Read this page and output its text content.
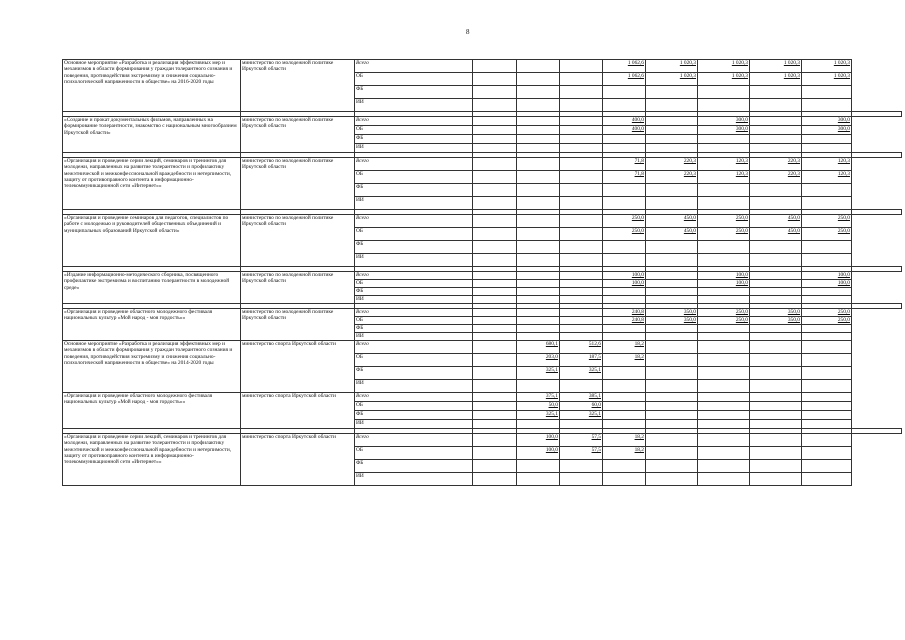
8
Основное мероприятие «Разработка и реализация эффективных мер и механизмов в области формирования у граждан толерантного сознания и поведения, противодействия экстремизму и снижения социально-психологической напряженности в обществе» на 2016-2020 годы	министерство по молодежной политике Иркутской области	Всего				1 062,6	1 020,3	1 020,3	1 020,3	1 020,3	
		ОБ				1 062,6	1 020,3	1 020,3	1 020,3	1 020,3	
		ФБ									
		ИИ									

«Создание и прокат документальных фильмов, направленных на формирование толерантности, знакомство с национальным многообразием Иркутской области»	министерство по молодежной политике Иркутской области	Всего				400,0		300,0		300,0	
		ОБ				400,0		300,0		300,0	
		ФБ									
		ИИ									

«Организация и проведение серии лекций, семинаров и тренингов для молодежи, направленных на развитие толерантности и профилактику межэтнической и межконфессиональной враждебности и нетерпимости, защиту от противоправного контента в информационно-телекоммуникационной сети «Интернет»»	министерство по молодежной политике Иркутской области	Всего				71,8	220,3	120,3	220,3	120,3	
		ОБ				71,8	220,3	120,3	220,3	120,3	
		ФБ									
		ИИ									

«Организация и проведение семинаров для педагогов, специалистов по работе с молодежью и руководителей общественных объединений и муниципальных образований Иркутской области»	министерство по молодежной политике Иркутской области	Всего				250,0	450,0	250,0	450,0	250,0	
		ОБ				250,0	450,0	250,0	450,0	250,0	
		ФБ									
		ИИ									

«Издание информационно-методического сборника, посвященного профилактике экстремизма и воспитанию толерантности в молодежной среде»	министерство по молодежной политике Иркутской области	Всего				100,0		100,0		100,0	
		ОБ				100,0		100,0		100,0	
		ФБ									
		ИИ									

«Организация и проведение областного молодежного фестиваля национальных культур «Мой народ - моя гордость»»	министерство по молодежной политике Иркутской области	Всего				240,8	350,0	250,0	350,0	250,0	
		ОБ				240,8	350,0	250,0	350,0	250,0	
		ФБ									
		ИИ									
Основное мероприятие «Разработка и реализация эффективных мер и механизмов в области формирования у граждан толерантного сознания и поведения, противодействия экстремизму и снижения социально-психологической напряженности в обществе» на 2014-2020 годы	министерство спорта Иркутской области	Всего		680,1	512,6	18,2					
		ОБ		203,0	187,5	18,2					
		ФБ		325,1	325,1						
		ИИ									
«Организация и проведение областного молодежного фестиваля национальных культур «Мой народ - моя гордость»»	министерство спорта Иркутской области	Всего		375,1	385,1						
		ОБ		50,0	60,0						
		ФБ		325,1	325,1						
		ИИ									

«Организация и проведение серии лекций, семинаров и тренингов для молодежи, направленных на развитие толерантности и профилактику межэтнической и межконфессиональной враждебности и нетерпимости, защиту от противоправного контента в информационно-телекоммуникационной сети «Интернет»»	министерство спорта Иркутской области	Всего		100,0	57,5	18,2					
		ОБ		100,0	57,5	18,2					
		ФБ									
		ИИ									
